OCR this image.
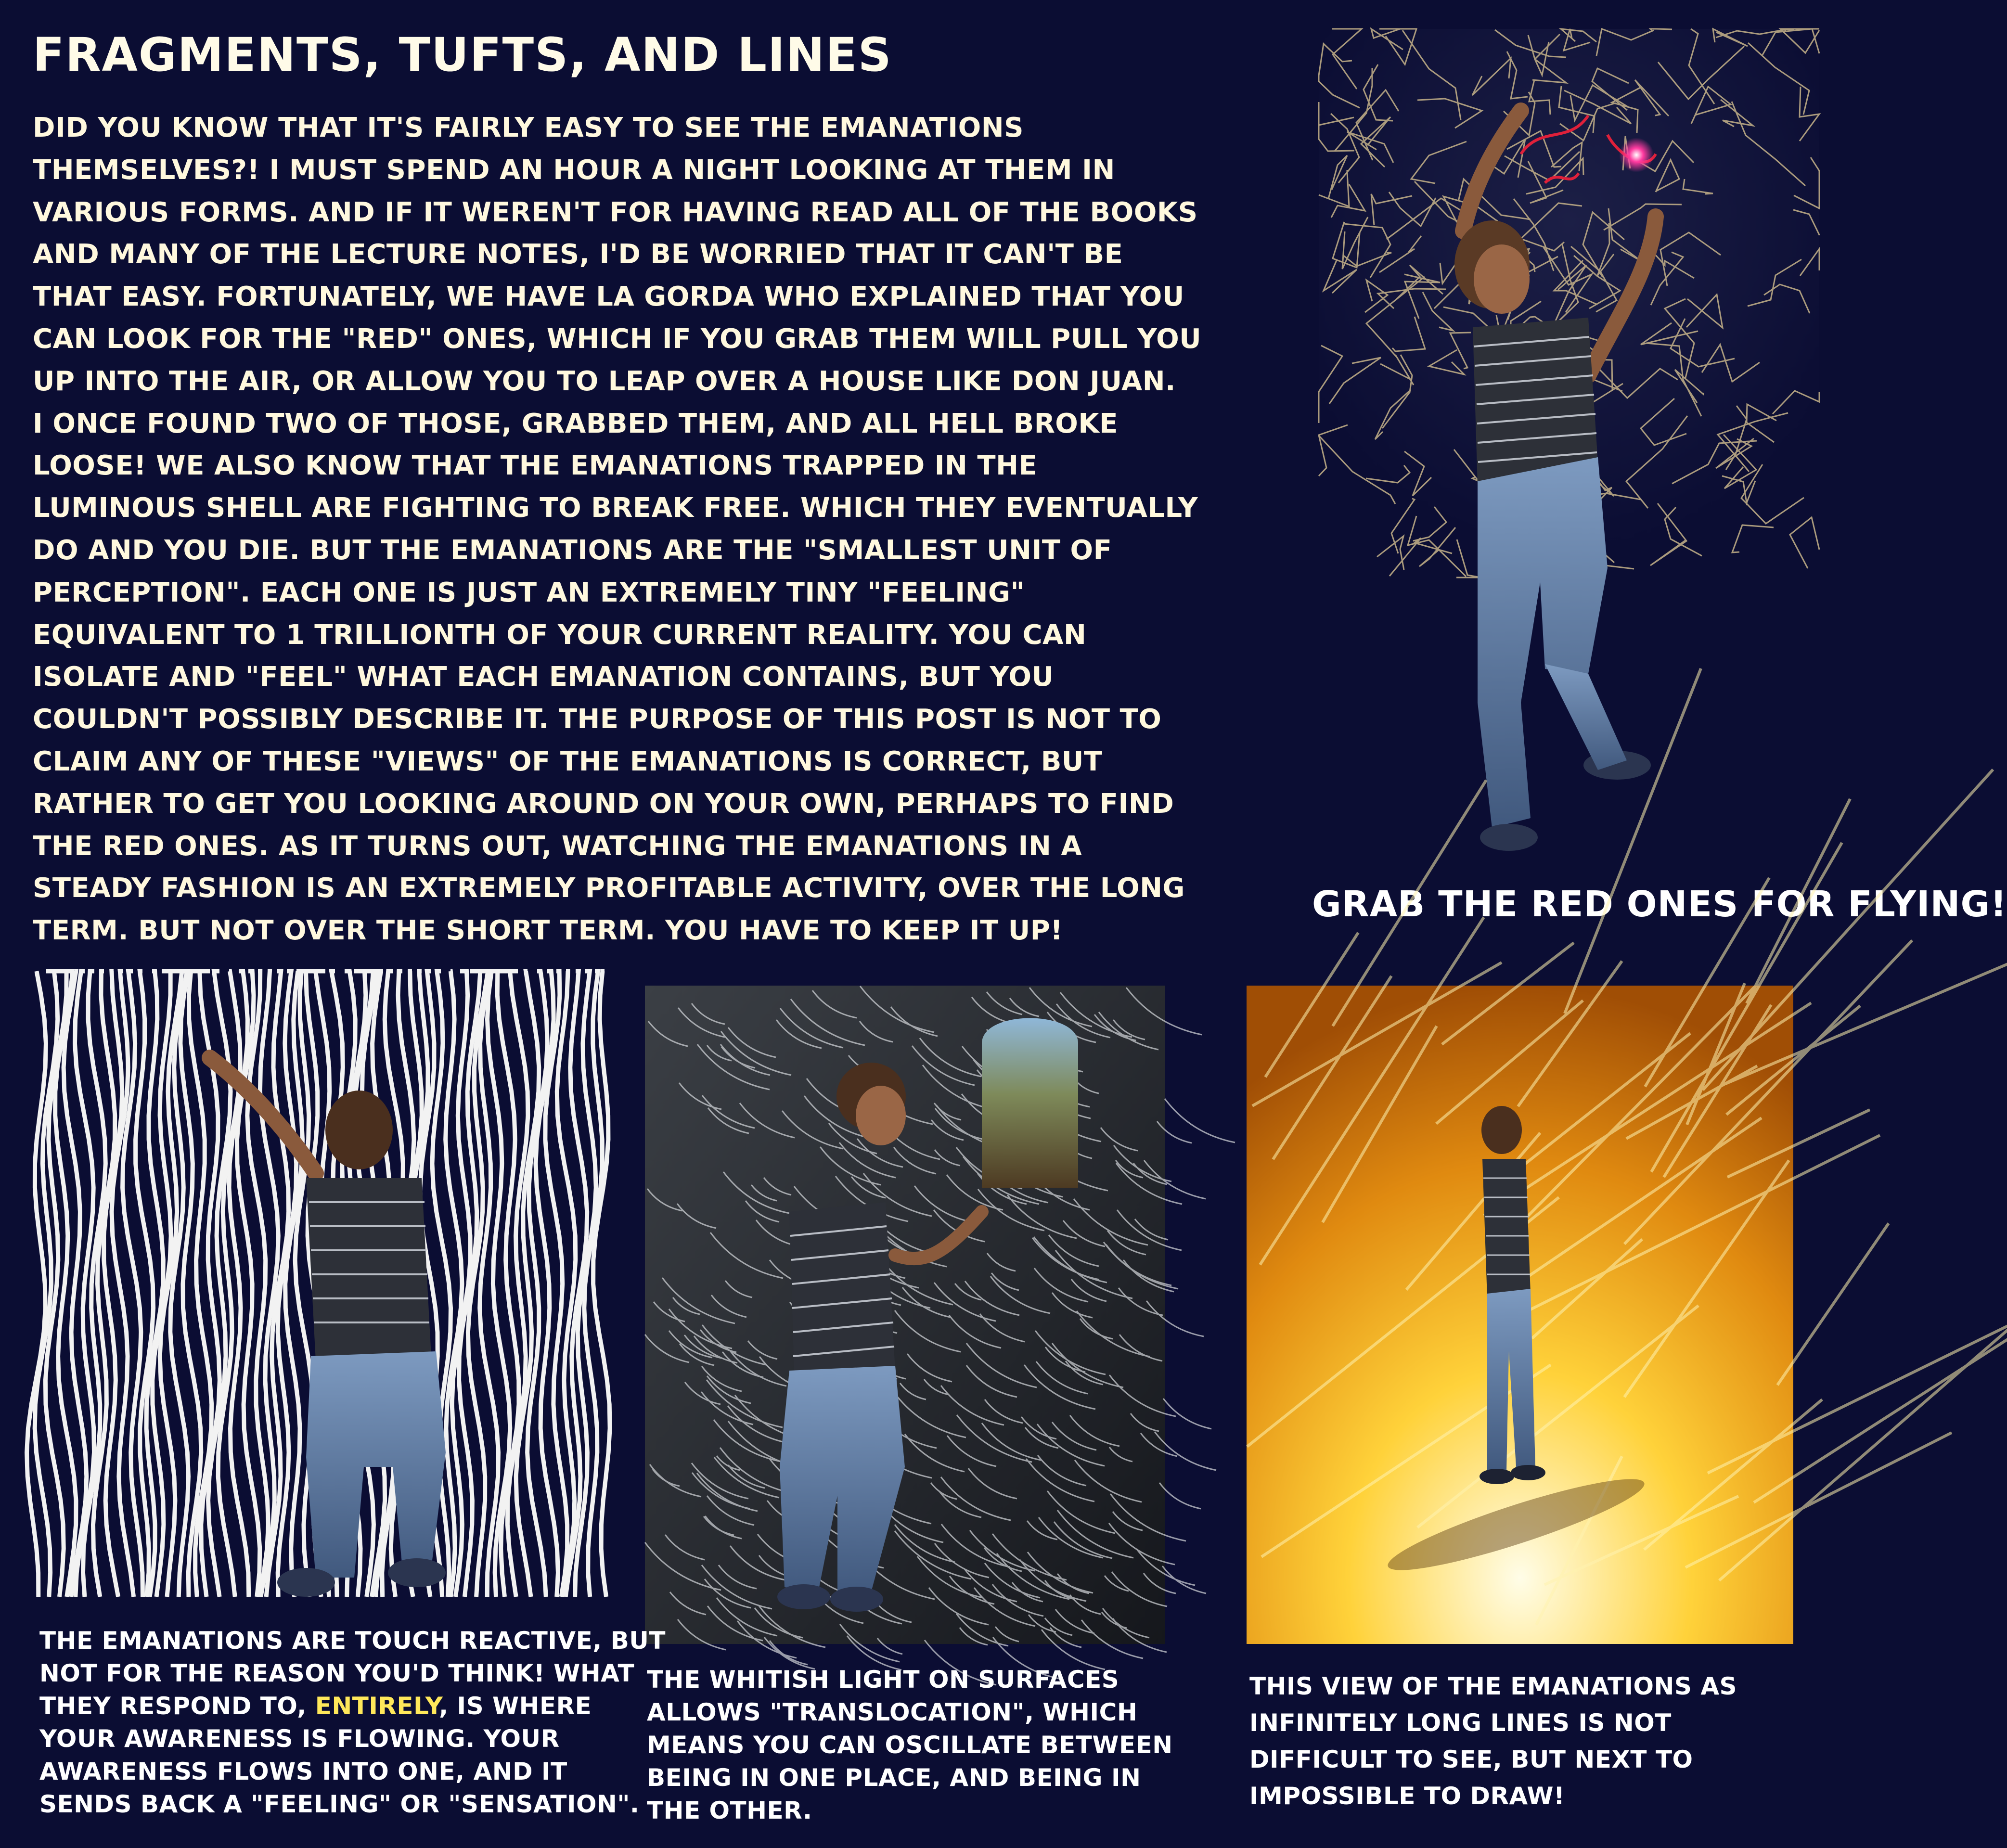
FRAGMENTS, TUFTS, AND LINES
DID YOU KNOW THAT IT'S FAIRLY EASY TO SEE THE EMANATIONS
THEMSELVES?! I MUST SPEND AN HOUR A NIGHT LOOKING AT THEM IN
VARIOUS FORMS. AND IF IT WEREN'T FOR HAVING READ ALL OF THE BOOKS
AND MANY OF THE LECTURE NOTES, I'D BE WORRIED THAT IT CAN'T BE
THAT EASY. FORTUNATELY, WE HAVE LA GORDA WHO EXPLAINED THAT YOU
CAN LOOK FOR THE "RED" ONES, WHICH IF YOU GRAB THEM WILL PULL YOU
UP INTO THE AIR, OR ALLOW YOU TO LEAP OVER A HOUSE LIKE DON JUAN.
I ONCE FOUND TWO OF THOSE, GRABBED THEM, AND ALL HELL BROKE
LOOSE! WE ALSO KNOW THAT THE EMANATIONS TRAPPED IN THE
LUMINOUS SHELL ARE FIGHTING TO BREAK FREE. WHICH THEY EVENTUALLY
DO AND YOU DIE. BUT THE EMANATIONS ARE THE "SMALLEST UNIT OF
PERCEPTION". EACH ONE IS JUST AN EXTREMELY TINY "FEELING"
EQUIVALENT TO 1 TRILLIONTH OF YOUR CURRENT REALITY. YOU CAN
ISOLATE AND "FEEL" WHAT EACH EMANATION CONTAINS, BUT YOU
COULDN'T POSSIBLY DESCRIBE IT. THE PURPOSE OF THIS POST IS NOT TO
CLAIM ANY OF THESE "VIEWS" OF THE EMANATIONS IS CORRECT, BUT
RATHER TO GET YOU LOOKING AROUND ON YOUR OWN, PERHAPS TO FIND
THE RED ONES. AS IT TURNS OUT, WATCHING THE EMANATIONS IN A
STEADY FASHION IS AN EXTREMELY PROFITABLE ACTIVITY, OVER THE LONG
TERM. BUT NOT OVER THE SHORT TERM. YOU HAVE TO KEEP IT UP!
GRAB THE RED ONES FOR FLYING!
THE EMANATIONS ARE TOUCH REACTIVE, BUT
NOT FOR THE REASON YOU'D THINK! WHAT
THEY RESPOND TO, ENTIRELY, IS WHERE
YOUR AWARENESS IS FLOWING. YOUR
AWARENESS FLOWS INTO ONE, AND IT
SENDS BACK A "FEELING" OR "SENSATION".
THE WHITISH LIGHT ON SURFACES
ALLOWS "TRANSLOCATION", WHICH
MEANS YOU CAN OSCILLATE BETWEEN
BEING IN ONE PLACE, AND BEING IN
THE OTHER.
THIS VIEW OF THE EMANATIONS AS
INFINITELY LONG LINES IS NOT
DIFFICULT TO SEE, BUT NEXT TO
IMPOSSIBLE TO DRAW!
